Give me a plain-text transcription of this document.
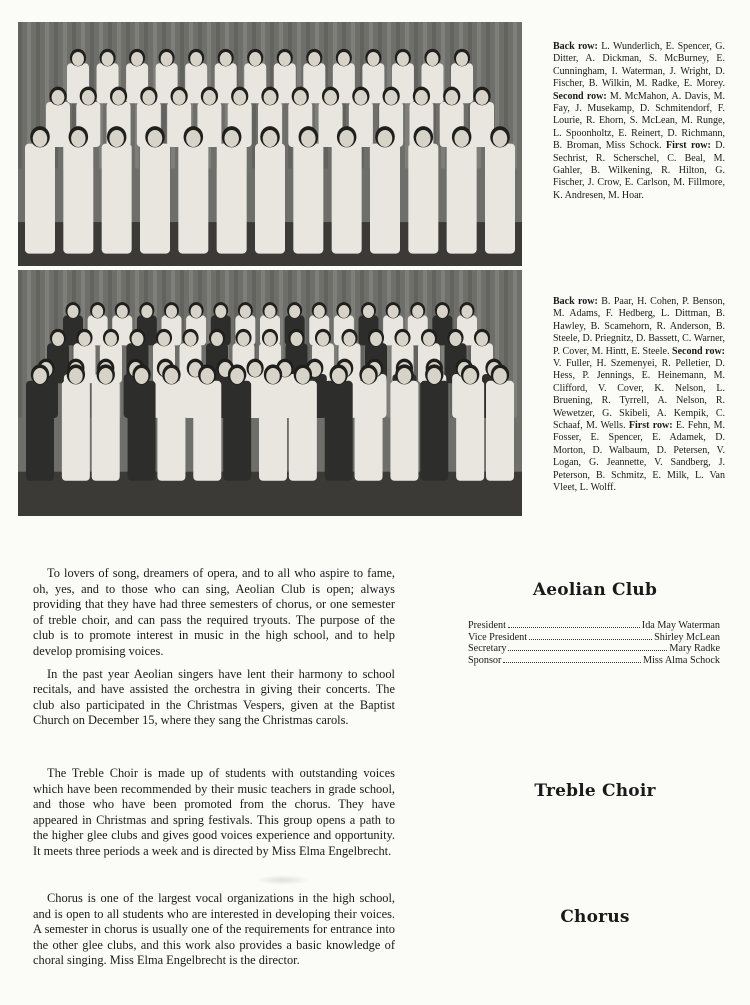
Back row: L. Wunderlich, E. Spencer, G. Ditter, A. Dickman, S. McBurney, E. Cunningham, I. Waterman, J. Wright, D. Fischer, B. Wilkin, M. Radke, E. Morey. Second row: M. McMahon, A. Davis, M. Fay, J. Musekamp, D. Schmitendorf, F. Lourie, R. Ehorn, S. McLean, M. Runge, L. Spoonholtz, E. Reinert, D. Richmann, B. Broman, Miss Schock. First row: D. Sechrist, R. Scherschel, C. Beal, M. Gahler, B. Wilkening, R. Hilton, G. Fischer, J. Crow, E. Carlson, M. Fillmore, K. Andresen, M. Hoar.
Back row: B. Paar, H. Cohen, P. Benson, M. Adams, F. Hedberg, L. Dittman, B. Hawley, B. Scamehorn, R. Anderson, B. Steele, D. Priegnitz, D. Bassett, C. Warner, P. Cover, M. Hintt, E. Steele. Second row: V. Fuller, H. Szemenyei, R. Pelletier, D. Hess, P. Jennings, E. Heinemann, M. Clifford, V. Cover, K. Nelson, L. Bruening, R. Tyrrell, A. Nelson, R. Wewetzer, G. Skibeli, A. Kempik, C. Schaaf, M. Wells. First row: E. Fehn, M. Fosser, E. Spencer, E. Adamek, D. Morton, D. Walbaum, D. Petersen, V. Logan, G. Jeannette, V. Sandberg, J. Peterson, B. Schmitz, E. Milk, L. Van Vleet, L. Wolff.

To lovers of song, dreamers of opera, and to all who aspire to fame, oh, yes, and to those who can sing, Aeolian Club is open; always providing that they have had three semesters of chorus, or one semester of treble choir, and can pass the required tryouts. The purpose of the club is to promote interest in music in the high school, and to help develop promising voices.

In the past year Aeolian singers have lent their harmony to school recitals, and have assisted the orchestra in giving their concerts. The club also participated in the Christmas Vespers, given at the Baptist Church on December 15, where they sang the Christmas carols.

Aeolian Club
President	Ida May Waterman
Vice President	Shirley McLean
Secretary	Mary Radke
Sponsor	Miss Alma Schock

The Treble Choir is made up of students with outstanding voices which have been recommended by their music teachers in grade school, and those who have been promoted from the chorus. They have appeared in Christmas and spring festivals. This group opens a path to the higher glee clubs and gives good voices experience and opportunity. It meets three periods a week and is directed by Miss Elma Engelbrecht.

Treble Choir

Chorus is one of the largest vocal organizations in the high school, and is open to all students who are interested in developing their voices. A semester in chorus is usually one of the requirements for entrance into the other glee clubs, and this work also provides a basic knowledge of choral singing. Miss Elma Engelbrecht is the director.

Chorus
